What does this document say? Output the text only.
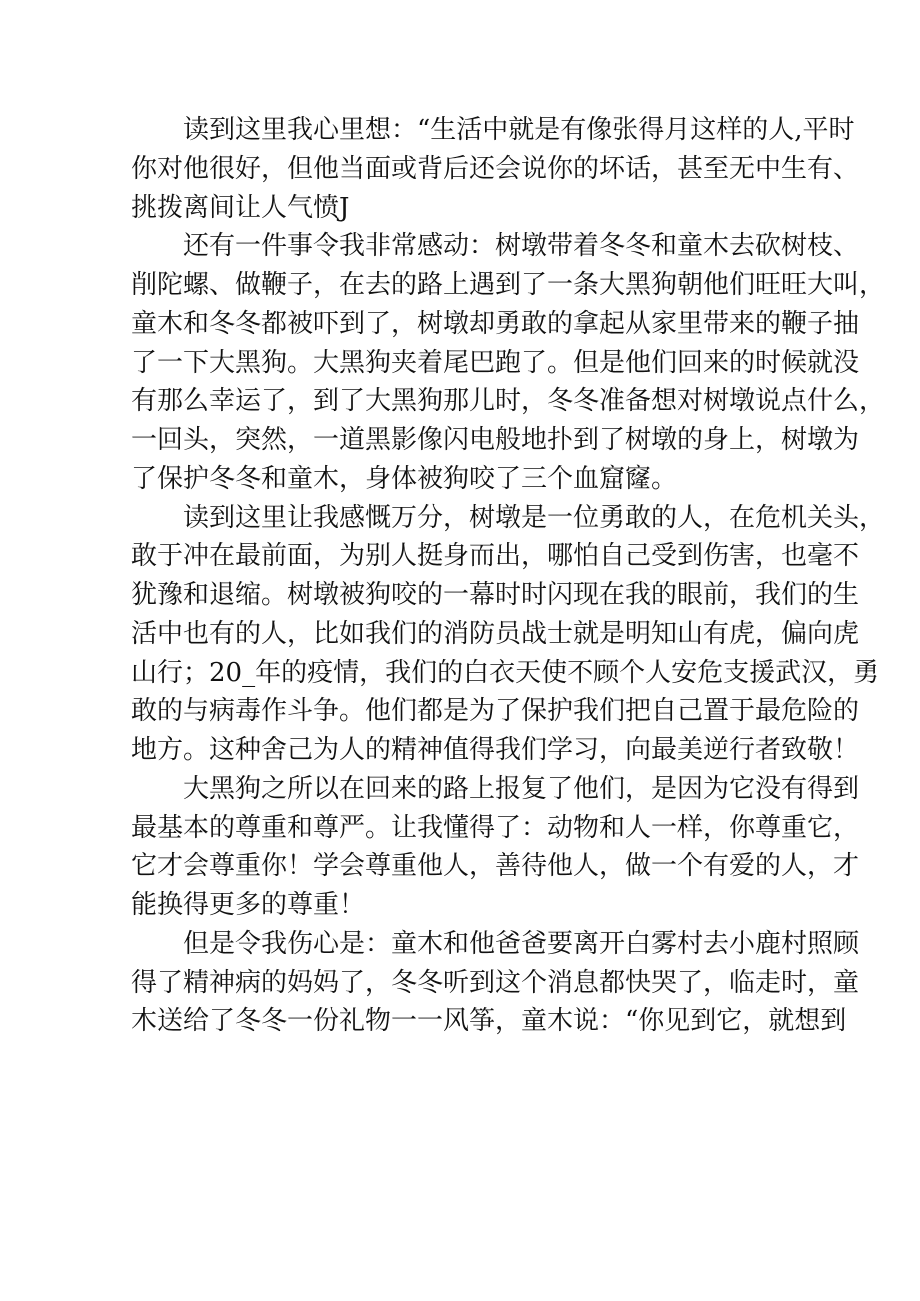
读到这里我心里想：“生活中就是有像张得月这样的人,平时
你对他很好，但他当面或背后还会说你的坏话，甚至无中生有、
挑拨离间让人气愤J
还有一件事令我非常感动：树墩带着冬冬和童木去砍树枝、
削陀螺、做鞭子，在去的路上遇到了一条大黑狗朝他们旺旺大叫，
童木和冬冬都被吓到了，树墩却勇敢的拿起从家里带来的鞭子抽
了一下大黑狗。大黑狗夹着尾巴跑了。但是他们回来的时候就没
有那么幸运了，到了大黑狗那儿时，冬冬准备想对树墩说点什么，
一回头，突然，一道黑影像闪电般地扑到了树墩的身上，树墩为
了保护冬冬和童木，身体被狗咬了三个血窟窿。
读到这里让我感慨万分，树墩是一位勇敢的人，在危机关头，
敢于冲在最前面，为别人挺身而出，哪怕自己受到伤害，也毫不
犹豫和退缩。树墩被狗咬的一幕时时闪现在我的眼前，我们的生
活中也有的人，比如我们的消防员战士就是明知山有虎，偏向虎
山行；20_年的疫情，我们的白衣天使不顾个人安危支援武汉，勇
敢的与病毒作斗争。他们都是为了保护我们把自己置于最危险的
地方。这种舍己为人的精神值得我们学习，向最美逆行者致敬！
大黑狗之所以在回来的路上报复了他们，是因为它没有得到
最基本的尊重和尊严。让我懂得了：动物和人一样，你尊重它，
它才会尊重你！学会尊重他人，善待他人，做一个有爱的人，才
能换得更多的尊重！
但是令我伤心是：童木和他爸爸要离开白雾村去小鹿村照顾
得了精神病的妈妈了，冬冬听到这个消息都快哭了，临走时，童
木送给了冬冬一份礼物一一风筝，童木说：“你见到它，就想到
